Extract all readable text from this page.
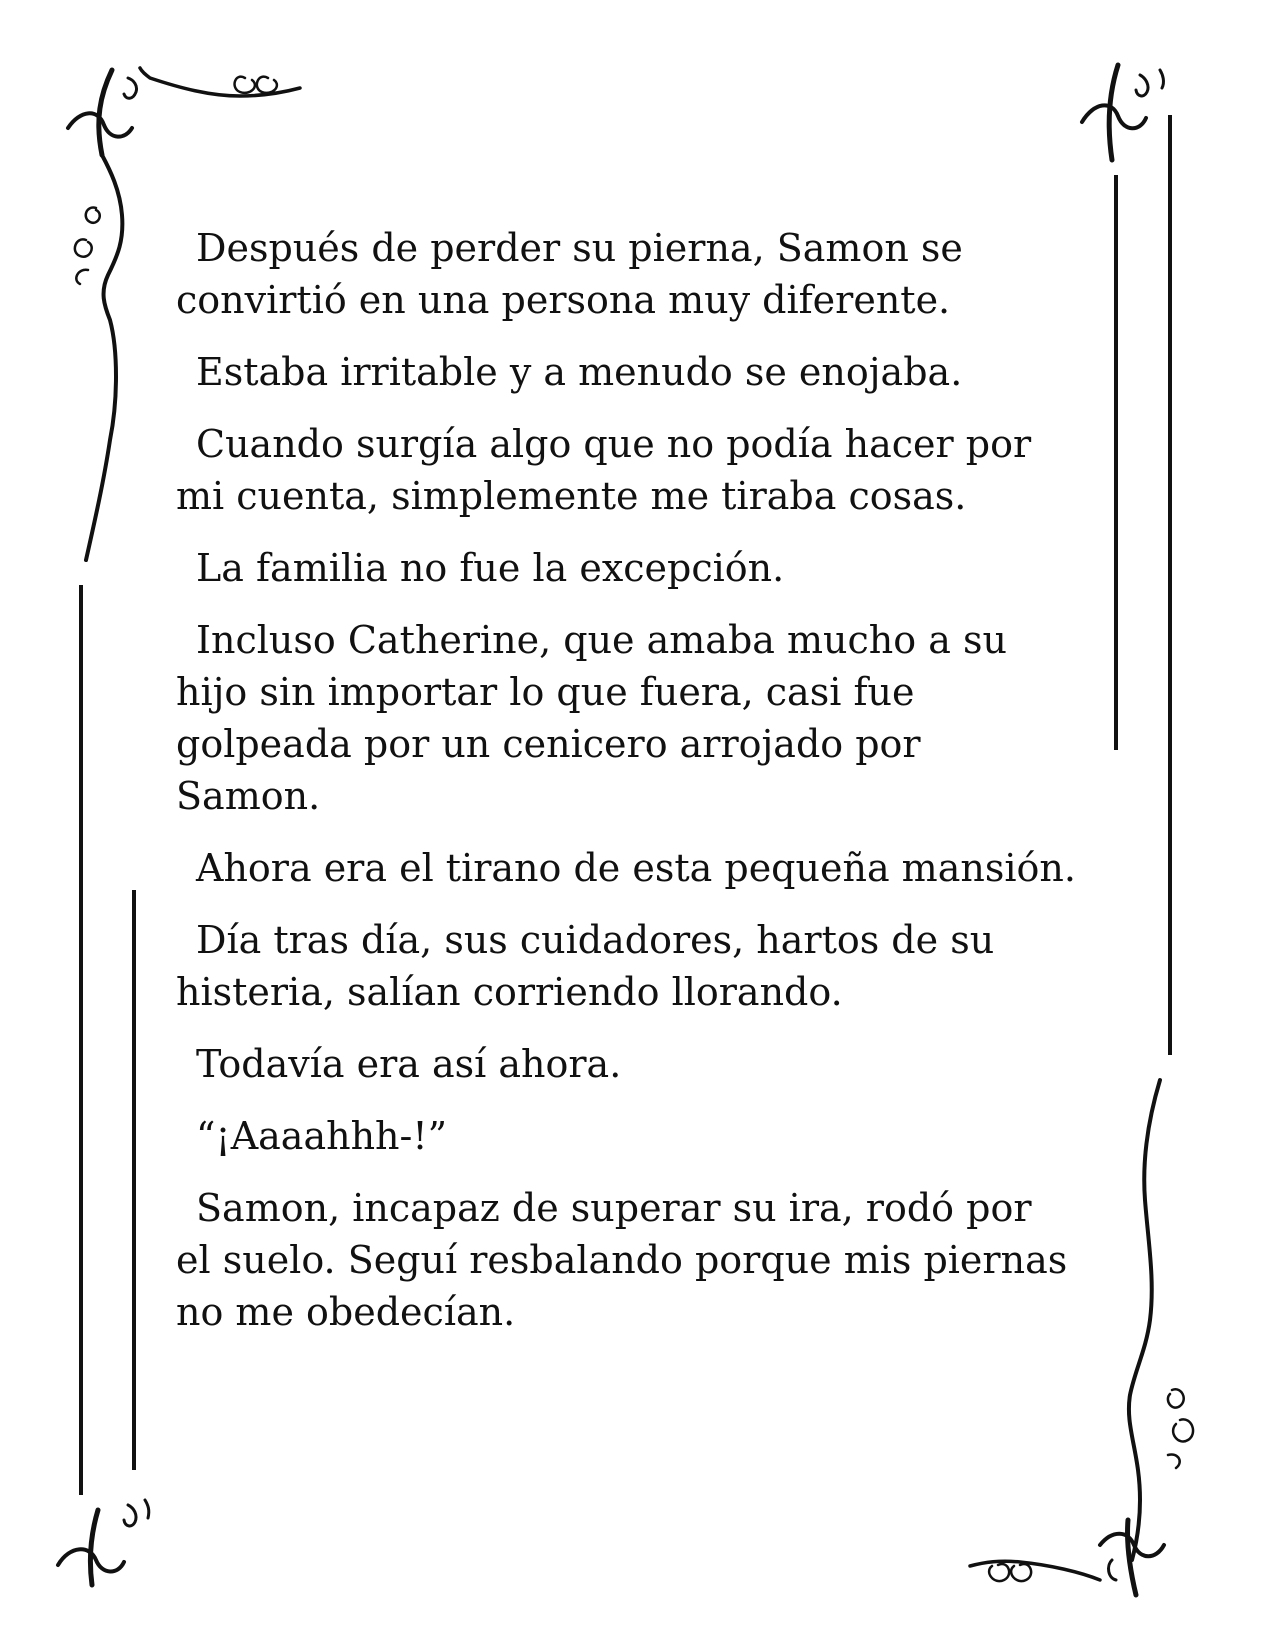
Después de perder su pierna, Samon se convirtió en una persona muy diferente.

Estaba irritable y a menudo se enojaba.

Cuando surgía algo que no podía hacer por mi cuenta, simplemente me tiraba cosas.

La familia no fue la excepción.

Incluso Catherine, que amaba mucho a su hijo sin importar lo que fuera, casi fue golpeada por un cenicero arrojado por Samon.

Ahora era el tirano de esta pequeña mansión.

Día tras día, sus cuidadores, hartos de su histeria, salían corriendo llorando.

Todavía era así ahora.

“¡Aaaahhh-!”

Samon, incapaz de superar su ira, rodó por el suelo. Seguí resbalando porque mis piernas no me obedecían.
